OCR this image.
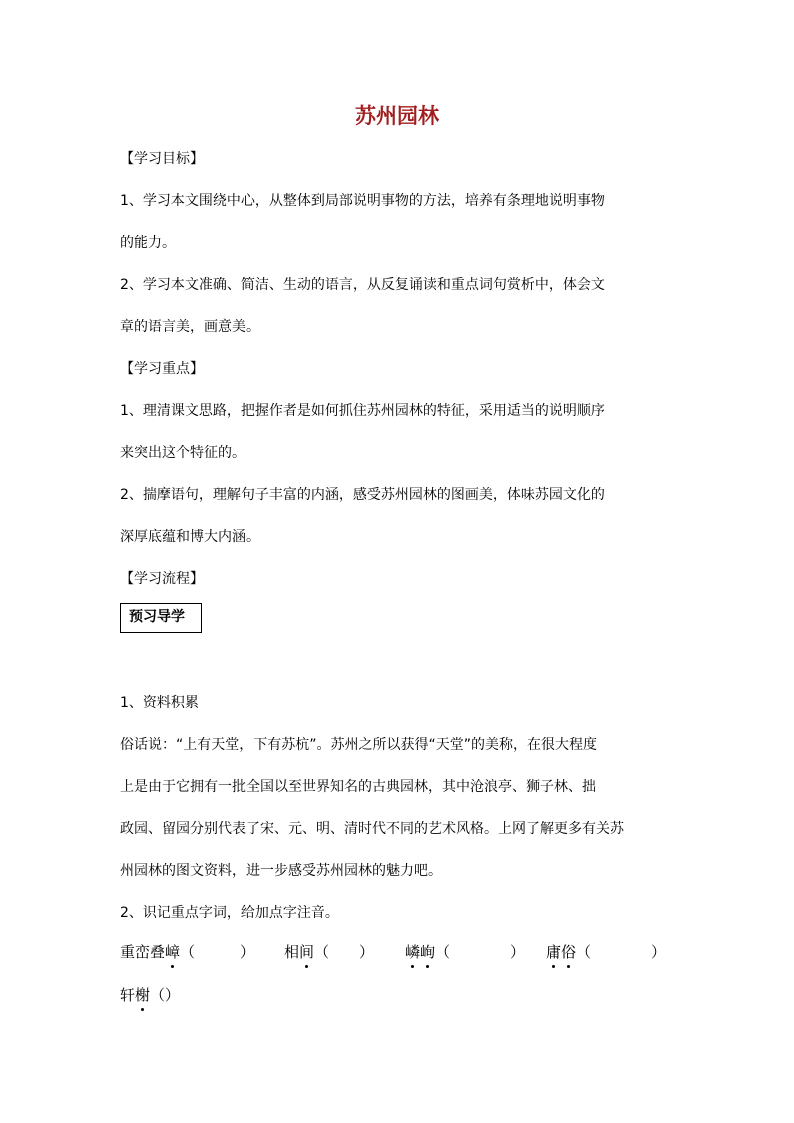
苏州园林
【学习目标】
1、学习本文围绕中心，从整体到局部说明事物的方法，培养有条理地说明事物
的能力。
2、学习本文准确、简洁、生动的语言，从反复诵读和重点词句赏析中，体会文
章的语言美，画意美。
【学习重点】
1、理清课文思路，把握作者是如何抓住苏州园林的特征，采用适当的说明顺序
来突出这个特征的。
2、揣摩语句，理解句子丰富的内涵，感受苏州园林的图画美，体味苏园文化的
深厚底蕴和博大内涵。
【学习流程】
预习导学
1、资料积累
俗话说：“上有天堂，下有苏杭”。苏州之所以获得“天堂”的美称，在很大程度
上是由于它拥有一批全国以至世界知名的古典园林，其中沧浪亭、狮子林、拙
政园、留园分别代表了宋、元、明、清时代不同的艺术风格。上网了解更多有关苏
州园林的图文资料，进一步感受苏州园林的魅力吧。
2、识记重点字词，给加点字注音。
重峦叠嶂（　　　） 相间（　　） 嶙峋（　　　　） 庸俗（　　　　）
轩榭（）
